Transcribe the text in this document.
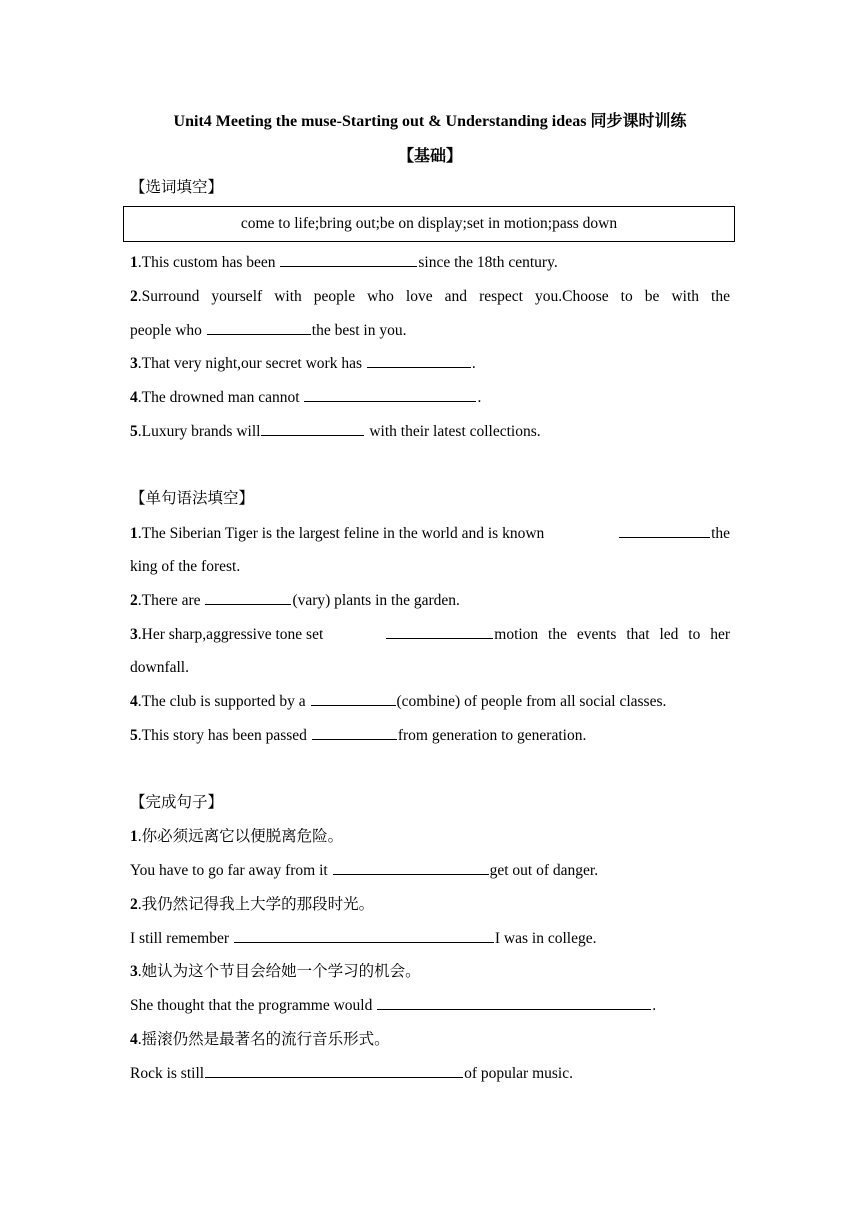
Unit4 Meeting the muse-Starting out & Understanding ideas 同步课时训练
【基础】
【选词填空】
come to life;bring out;be on display;set in motion;pass down
1.This custom has been	since the 18th century.
2.Surround yourself with people who love and respect you.Choose to be with the
people who	the best in you.
3.That very night,our secret work has	.
4.The drowned man cannot	.
5.Luxury brands will	with their latest collections.
【单句语法填空】
1.The Siberian Tiger is the largest feline in the world and is known	the
king of the forest.
2.There are	(vary) plants in the garden.
3.Her sharp,aggressive tone set	motion the events that led to her
downfall.
4.The club is supported by a	(combine) of people from all social classes.
5.This story has been passed	from generation to generation.
【完成句子】
1.你必须远离它以便脱离危险。
You have to go far away from it	get out of danger.
2.我仍然记得我上大学的那段时光。
I still remember	I was in college.
3.她认为这个节目会给她一个学习的机会。
She thought that the programme would	.
4.摇滚仍然是最著名的流行音乐形式。
Rock is still	of popular music.
